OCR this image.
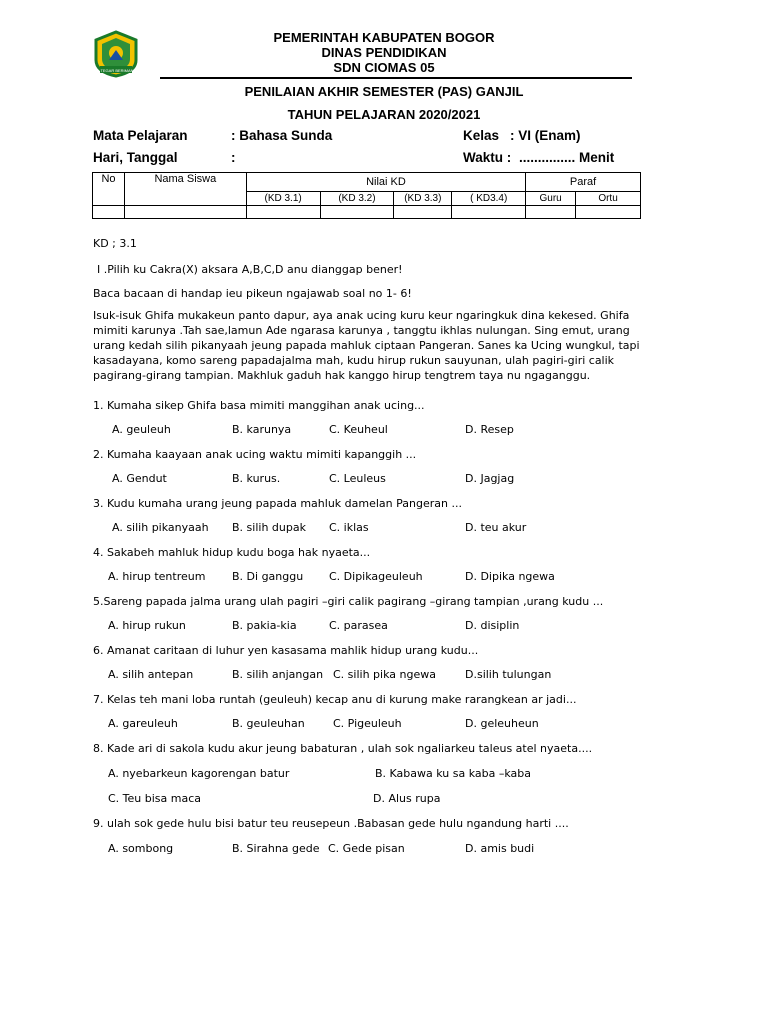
TEGAR BERIMAN
PEMERINTAH KABUPATEN BOGOR
DINAS PENDIDIKAN
SDN CIOMAS 05
PENILAIAN AKHIR SEMESTER (PAS) GANJIL
TAHUN PELAJARAN 2020/2021
Mata Pelajaran	: Bahasa Sunda	Kelas : VI (Enam)
Hari, Tanggal	:	Waktu : ............... Menit
No	Nama Siswa	Nilai KD				Paraf	
		(KD 3.1)	(KD 3.2)	(KD 3.3)	( KD3.4)	Guru	Ortu

KD ; 3.1
I .Pilih ku Cakra(X) aksara A,B,C,D anu dianggap bener!
Baca bacaan di handap ieu pikeun ngajawab soal no 1- 6!
Isuk-isuk Ghifa mukakeun panto dapur, aya anak ucing kuru keur ngaringkuk dina kekesed. Ghifa
mimiti karunya .Tah sae,lamun Ade ngarasa karunya , tanggtu ikhlas nulungan. Sing emut, urang
urang kedah silih pikanyaah jeung papada mahluk ciptaan Pangeran. Sanes ka Ucing wungkul, tapi
kasadayana, komo sareng papadajalma mah, kudu hirup rukun sauyunan, ulah pagiri-giri calik
pagirang-girang tampian. Makhluk gaduh hak kanggo hirup tengtrem taya nu ngaganggu.
1. Kumaha sikep Ghifa basa mimiti manggihan anak ucing...
A. geuleuh	B. karunya	C. Keuheul	D. Resep
2. Kumaha kaayaan anak ucing waktu mimiti kapanggih ...
A. Gendut	B. kurus.	C. Leuleus	D. Jagjag
3. Kudu kumaha urang jeung papada mahluk damelan Pangeran ...
A. silih pikanyaah B. silih dupak C. iklas	D. teu akur
4. Sakabeh mahluk hidup kudu boga hak nyaeta...
A. hirup tentreum B. Di ganggu C. Dipikageuleuh	D. Dipika ngewa
5.Sareng papada jalma urang ulah pagiri –giri calik pagirang –girang tampian ,urang kudu ...
A. hirup rukun	B. pakia-kia	C. parasea	D. disiplin
6. Amanat caritaan di luhur yen kasasama mahlik hidup urang kudu...
A. silih antepan	B. silih anjangan C. silih pika ngewa	D.silih tulungan
7. Kelas teh mani loba runtah (geuleuh) kecap anu di kurung make rarangkean ar jadi...
A. gareuleuh	B. geuleuhan	C. Pigeuleuh	D. geleuheun
8. Kade ari di sakola kudu akur jeung babaturan , ulah sok ngaliarkeu taleus atel nyaeta....
A. nyebarkeun kagorengan batur	B. Kabawa ku sa kaba –kaba
C. Teu bisa maca	D. Alus rupa
9. ulah sok gede hulu bisi batur teu reusepeun .Babasan gede hulu ngandung harti ....
A. sombong	B. Sirahna gede C. Gede pisan	D. amis budi
